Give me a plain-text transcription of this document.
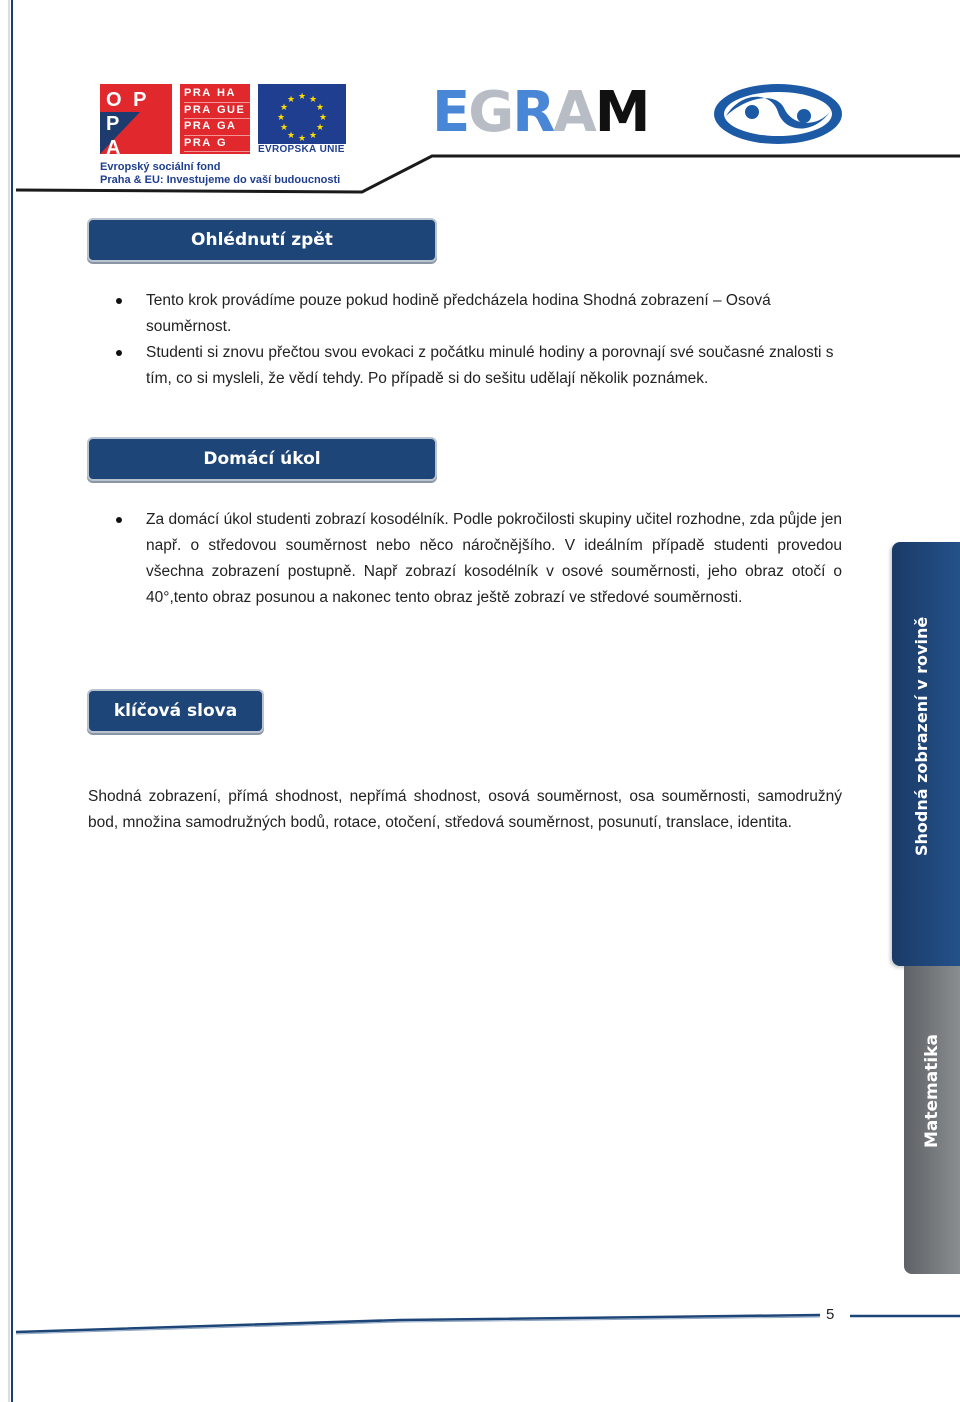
O P P
A
PRA HA
PRA GUE
PRA GA
PRA G
★ ★
★
★
★
★
★
★
★
★
★
★
EVROPSKÁ UNIE
Evropský sociální fond
Praha & EU: Investujeme do vaší budoucnosti
EGRAM
Ohlédnutí zpět
Tento krok provádíme pouze pokud hodině předcházela hodina Shodná zobrazení – Osová souměrnost.
Studenti si znovu přečtou svou evokaci z počátku minulé hodiny a porovnají své současné znalosti s tím, co si mysleli, že vědí tehdy. Po případě si do sešitu udělají několik poznámek.
Domácí úkol
Za domácí úkol studenti zobrazí kosodélník. Podle pokročilosti skupiny učitel rozhodne, zda půjde jen např. o středovou souměrnost nebo něco náročnějšího. V ideálním případě studenti provedou všechna zobrazení postupně. Např zobrazí kosodélník v osové souměrnosti, jeho obraz otočí o 40°,tento obraz posunou a nakonec tento obraz ještě zobrazí ve středové souměrnosti.
klíčová slova
Shodná zobrazení, přímá shodnost, nepřímá shodnost, osová souměrnost, osa souměrnosti, samodružný bod, množina samodružných bodů, rotace, otočení, středová souměrnost, posunutí, translace, identita.	Shodná zobrazení v rovině
Matematika
5
